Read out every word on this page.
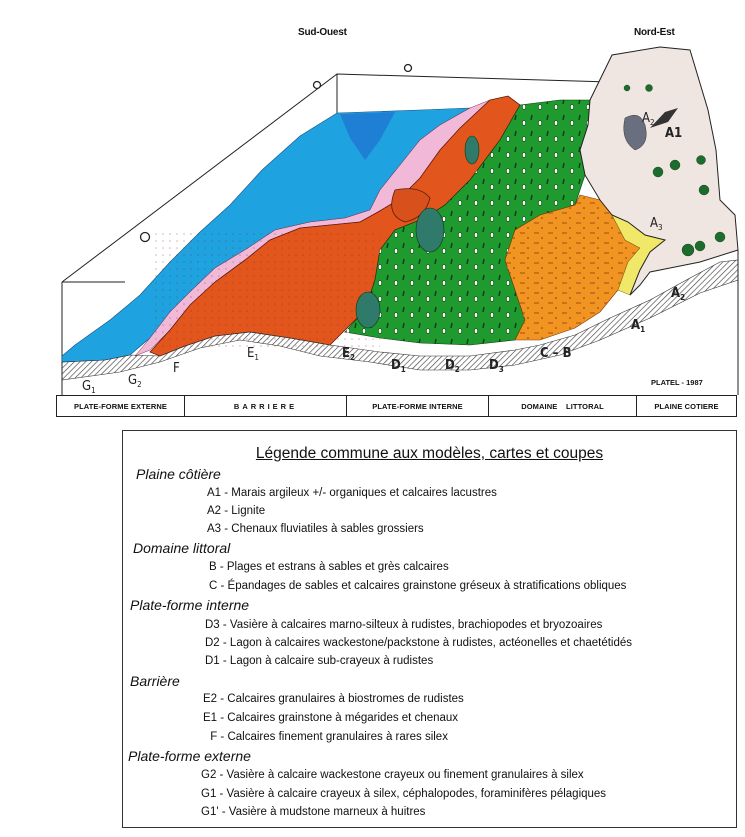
Sud-Ouest	Nord-Est
$G_1$
$G_2$
F
$E_1$	$E_2$
$D_1$	$D_2$ $D_3$
C – B
$A_1$
$A_2$
$A_3$
A1
$A_2$
PLATEL - 1987
PLATE-FORME EXTERNE	BARRIERE	PLATE-FORME INTERNE	DOMAINE    LITTORAL	PLAINE COTIERE
Légende commune aux modèles, cartes et coupes
Plaine côtière
A1 - Marais argileux +/- organiques et calcaires lacustres
A2 - Lignite
A3 - Chenaux fluviatiles à sables grossiers
Domaine littoral
B - Plages et estrans à sables et grès calcaires
C - Épandages de sables et calcaires grainstone gréseux à stratifications obliques
Plate-forme interne
D3 - Vasière à calcaires marno-silteux à rudistes, brachiopodes et bryozoaires
D2 - Lagon à calcaires wackestone/packstone à rudistes, actéonelles et chaetétidés
D1 - Lagon à calcaire sub-crayeux à rudistes
Barrière
E2 - Calcaires granulaires à biostromes de rudistes
E1 - Calcaires grainstone à mégarides et chenaux
F - Calcaires finement granulaires à rares silex
Plate-forme externe
G2 - Vasière à calcaire wackestone crayeux ou finement granulaires à silex
G1 - Vasière à calcaire crayeux à silex, céphalopodes, foraminifères pélagiques
G1' - Vasière à mudstone marneux à huitres
